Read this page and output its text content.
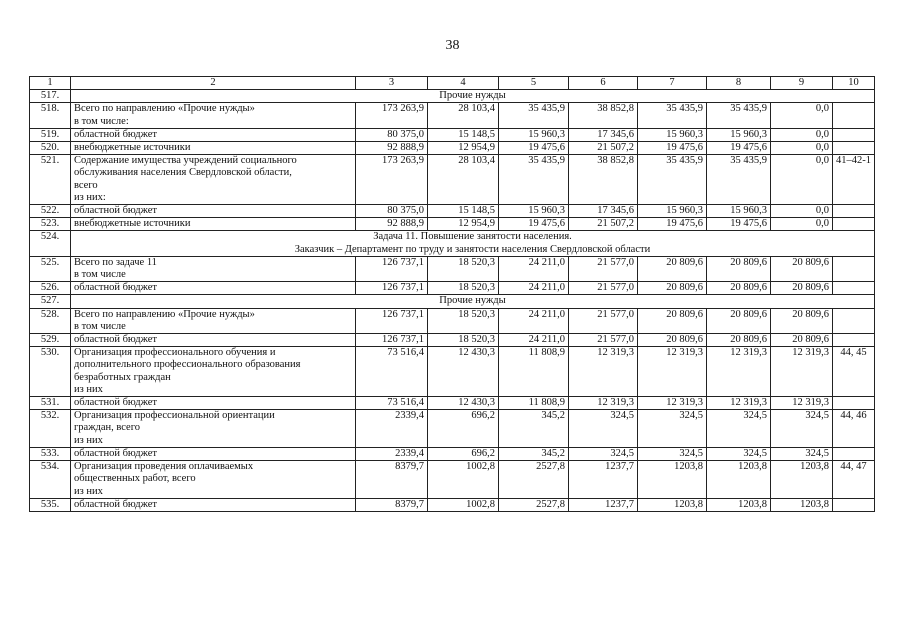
38
1	2	3	4	5	6	7	8	9	10
517.	Прочие нужды								

518.	Всего по направлению «Прочие нужды»
в том числе:	173 263,9	28 103,4	35 435,9	38 852,8	35 435,9	35 435,9	0,0	
519.	областной бюджет	80 375,0	15 148,5	15 960,3	17 345,6	15 960,3	15 960,3	0,0	
520.	внебюджетные источники	92 888,9	12 954,9	19 475,6	21 507,2	19 475,6	19 475,6	0,0	
521.	Содержание имущества учреждений социального
обслуживания населения Свердловской области,
всего
из них:	173 263,9	28 103,4	35 435,9	38 852,8	35 435,9	35 435,9	0,0	41–42-1
522.	областной бюджет	80 375,0	15 148,5	15 960,3	17 345,6	15 960,3	15 960,3	0,0	
523.	внебюджетные источники	92 888,9	12 954,9	19 475,6	21 507,2	19 475,6	19 475,6	0,0	
524.	Задача 11. Повышение занятости населения.
Заказчик – Департамент по труду и занятости населения Свердловской области								

525.	Всего по задаче 11
в том числе	126 737,1	18 520,3	24 211,0	21 577,0	20 809,6	20 809,6	20 809,6	
526.	областной бюджет	126 737,1	18 520,3	24 211,0	21 577,0	20 809,6	20 809,6	20 809,6	
527.	Прочие нужды								

528.	Всего по направлению «Прочие нужды»
в том числе	126 737,1	18 520,3	24 211,0	21 577,0	20 809,6	20 809,6	20 809,6	
529.	областной бюджет	126 737,1	18 520,3	24 211,0	21 577,0	20 809,6	20 809,6	20 809,6	
530.	Организация профессионального обучения и
дополнительного профессионального образования
безработных граждан
из них	73 516,4	12 430,3	11 808,9	12 319,3	12 319,3	12 319,3	12 319,3	44, 45
531.	областной бюджет	73 516,4	12 430,3	11 808,9	12 319,3	12 319,3	12 319,3	12 319,3	
532.	Организация профессиональной ориентации
граждан, всего
из них	2339,4	696,2	345,2	324,5	324,5	324,5	324,5	44, 46
533.	областной бюджет	2339,4	696,2	345,2	324,5	324,5	324,5	324,5	
534.	Организация проведения оплачиваемых
общественных работ, всего
из них	8379,7	1002,8	2527,8	1237,7	1203,8	1203,8	1203,8	44, 47
535.	областной бюджет	8379,7	1002,8	2527,8	1237,7	1203,8	1203,8	1203,8	
